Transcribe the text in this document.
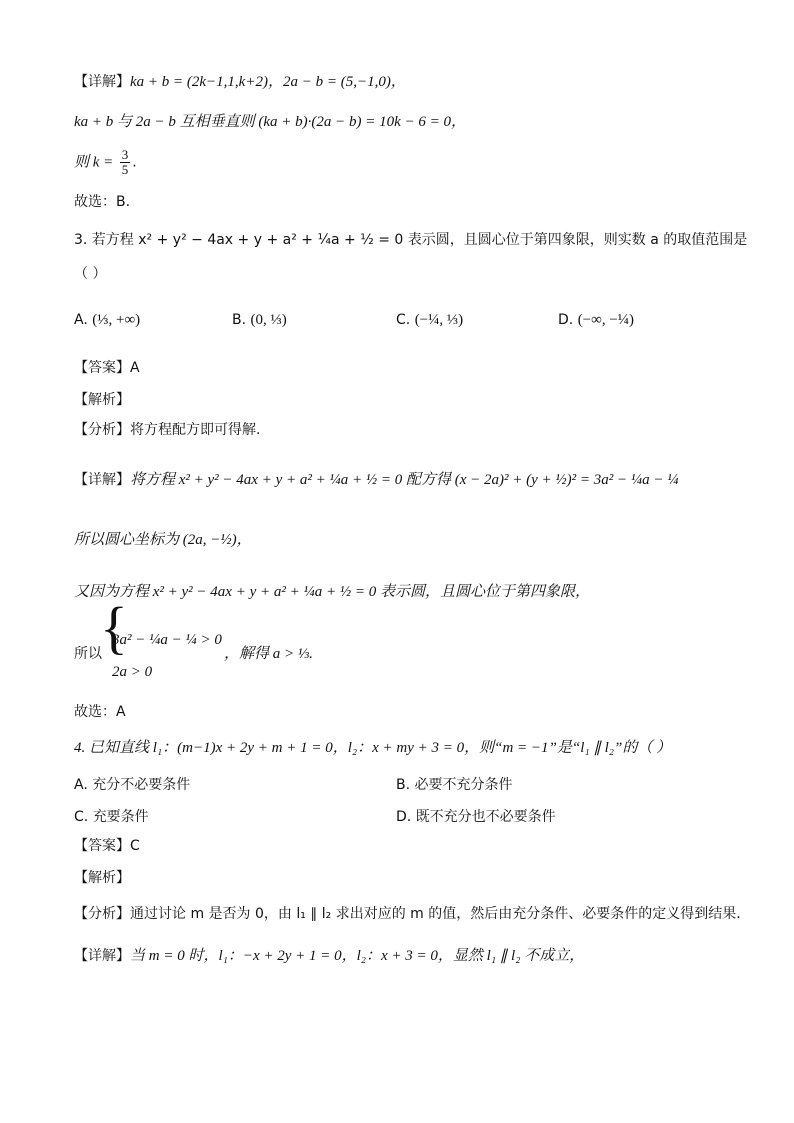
【详解】ka + b = (2k−1,1,k+2)，2a − b = (5,−1,0)，
ka + b 与 2a − b 互相垂直则 (ka + b)·(2a − b) = 10k − 6 = 0，
则 $k = \frac{3}{5}$ .
故选：B.
3. 若方程 x² + y² − 4ax + y + a² + ¼a + ½ = 0 表示圆，且圆心位于第四象限，则实数 a 的取值范围是
（ ）
A. (⅓, +∞)	B. (0, ⅓)	C. (−¼, ⅓)	D. (−∞, −¼)
【答案】A
【解析】
【分析】将方程配方即可得解.
【详解】将方程 x² + y² − 4ax + y + a² + ¼a + ½ = 0 配方得 (x − 2a)² + (y + ½)² = 3a² − ¼a − ¼
所以圆心坐标为 (2a, −½)，
又因为方程 x² + y² − 4ax + y + a² + ¼a + ½ = 0 表示圆，且圆心位于第四象限，
所以
{
3a² − ¼a − ¼ > 0
2a > 0
，解得 a > ⅓.
故选：A
4. 已知直线 l₁：(m−1)x + 2y + m + 1 = 0，l₂：x + my + 3 = 0，则“m = −1”是“l₁ ∥ l₂”的（ ）
A. 充分不必要条件	B. 必要不充分条件
C. 充要条件	D. 既不充分也不必要条件
【答案】C
【解析】
【分析】通过讨论 m 是否为 0，由 l₁ ∥ l₂ 求出对应的 m 的值，然后由充分条件、必要条件的定义得到结果.
【详解】当 m = 0 时，l₁：−x + 2y + 1 = 0，l₂：x + 3 = 0，显然 l₁ ∥ l₂ 不成立，
